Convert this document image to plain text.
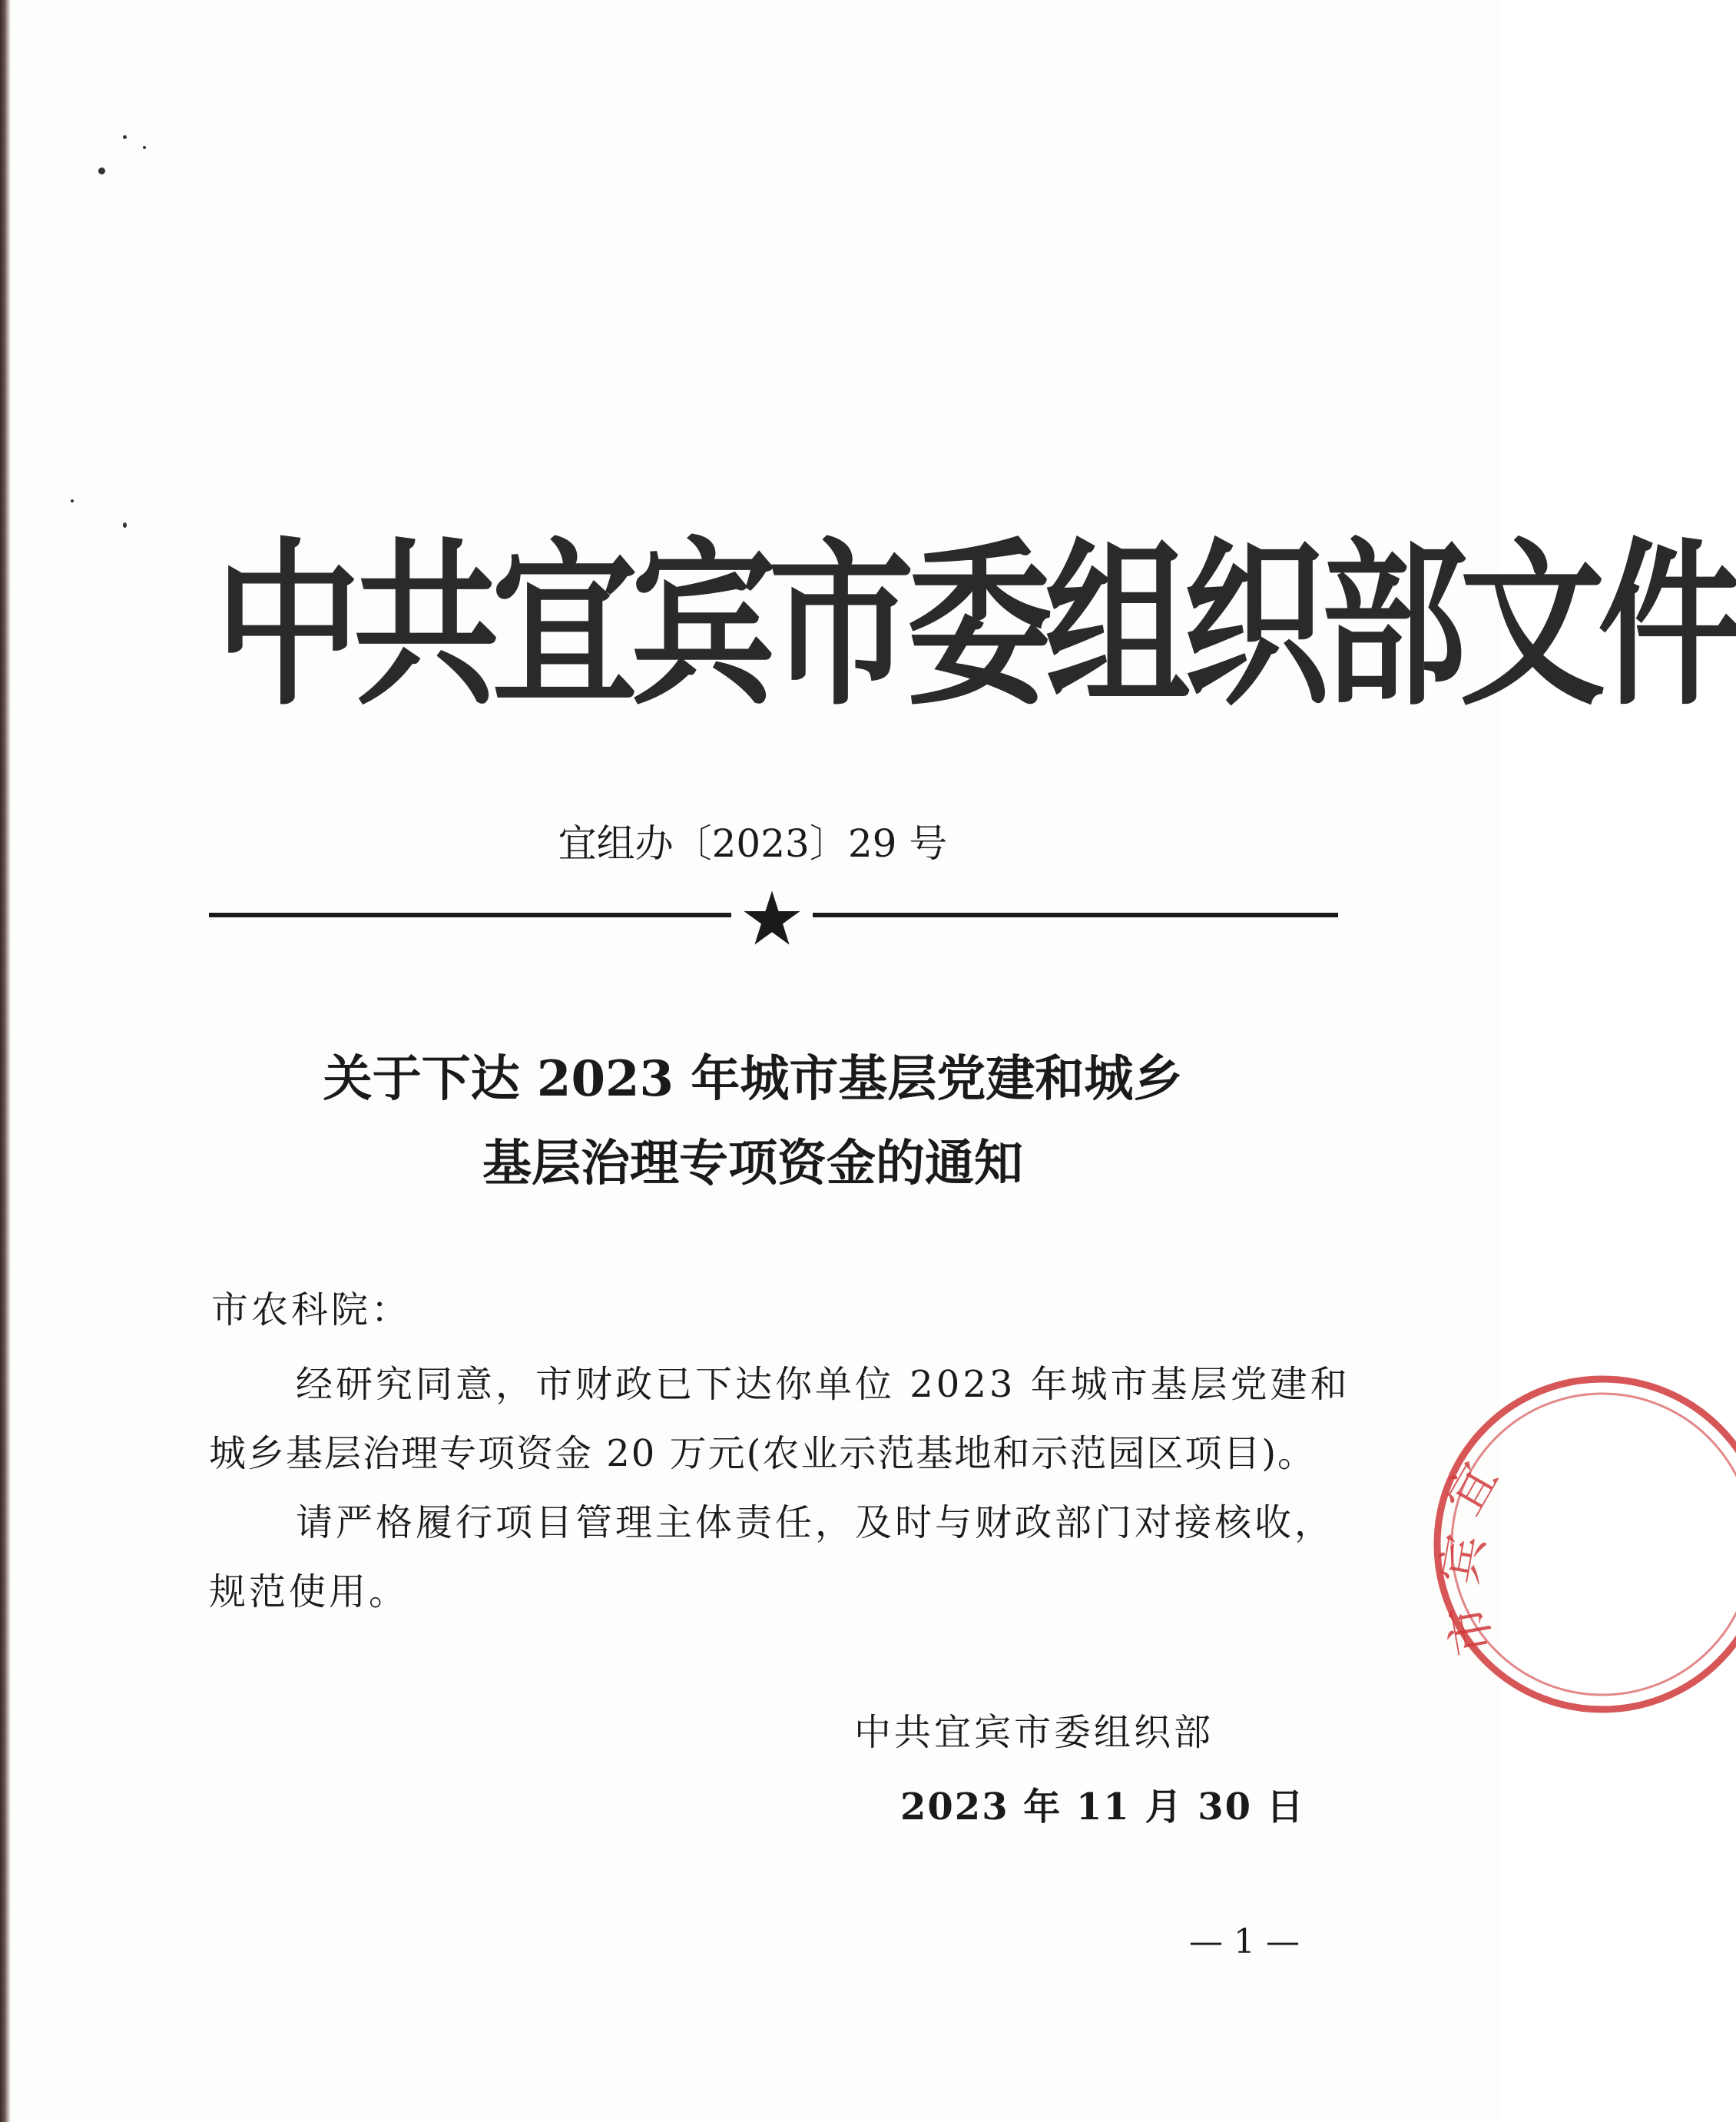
中共宜宾市委组织部文件
宜组办〔2023〕29 号
关于下达 2023 年城市基层党建和城乡
基层治理专项资金的通知
市农科院：
经研究同意，市财政已下达你单位 2023 年城市基层党建和
城乡基层治理专项资金 20 万元(农业示范基地和示范园区项目)。
请严格履行项目管理主体责任，及时与财政部门对接核收，
规范使用。
中共宜宾市委组织部
2023 年 11 月 30 日
— 1 —
宜
宾
市
